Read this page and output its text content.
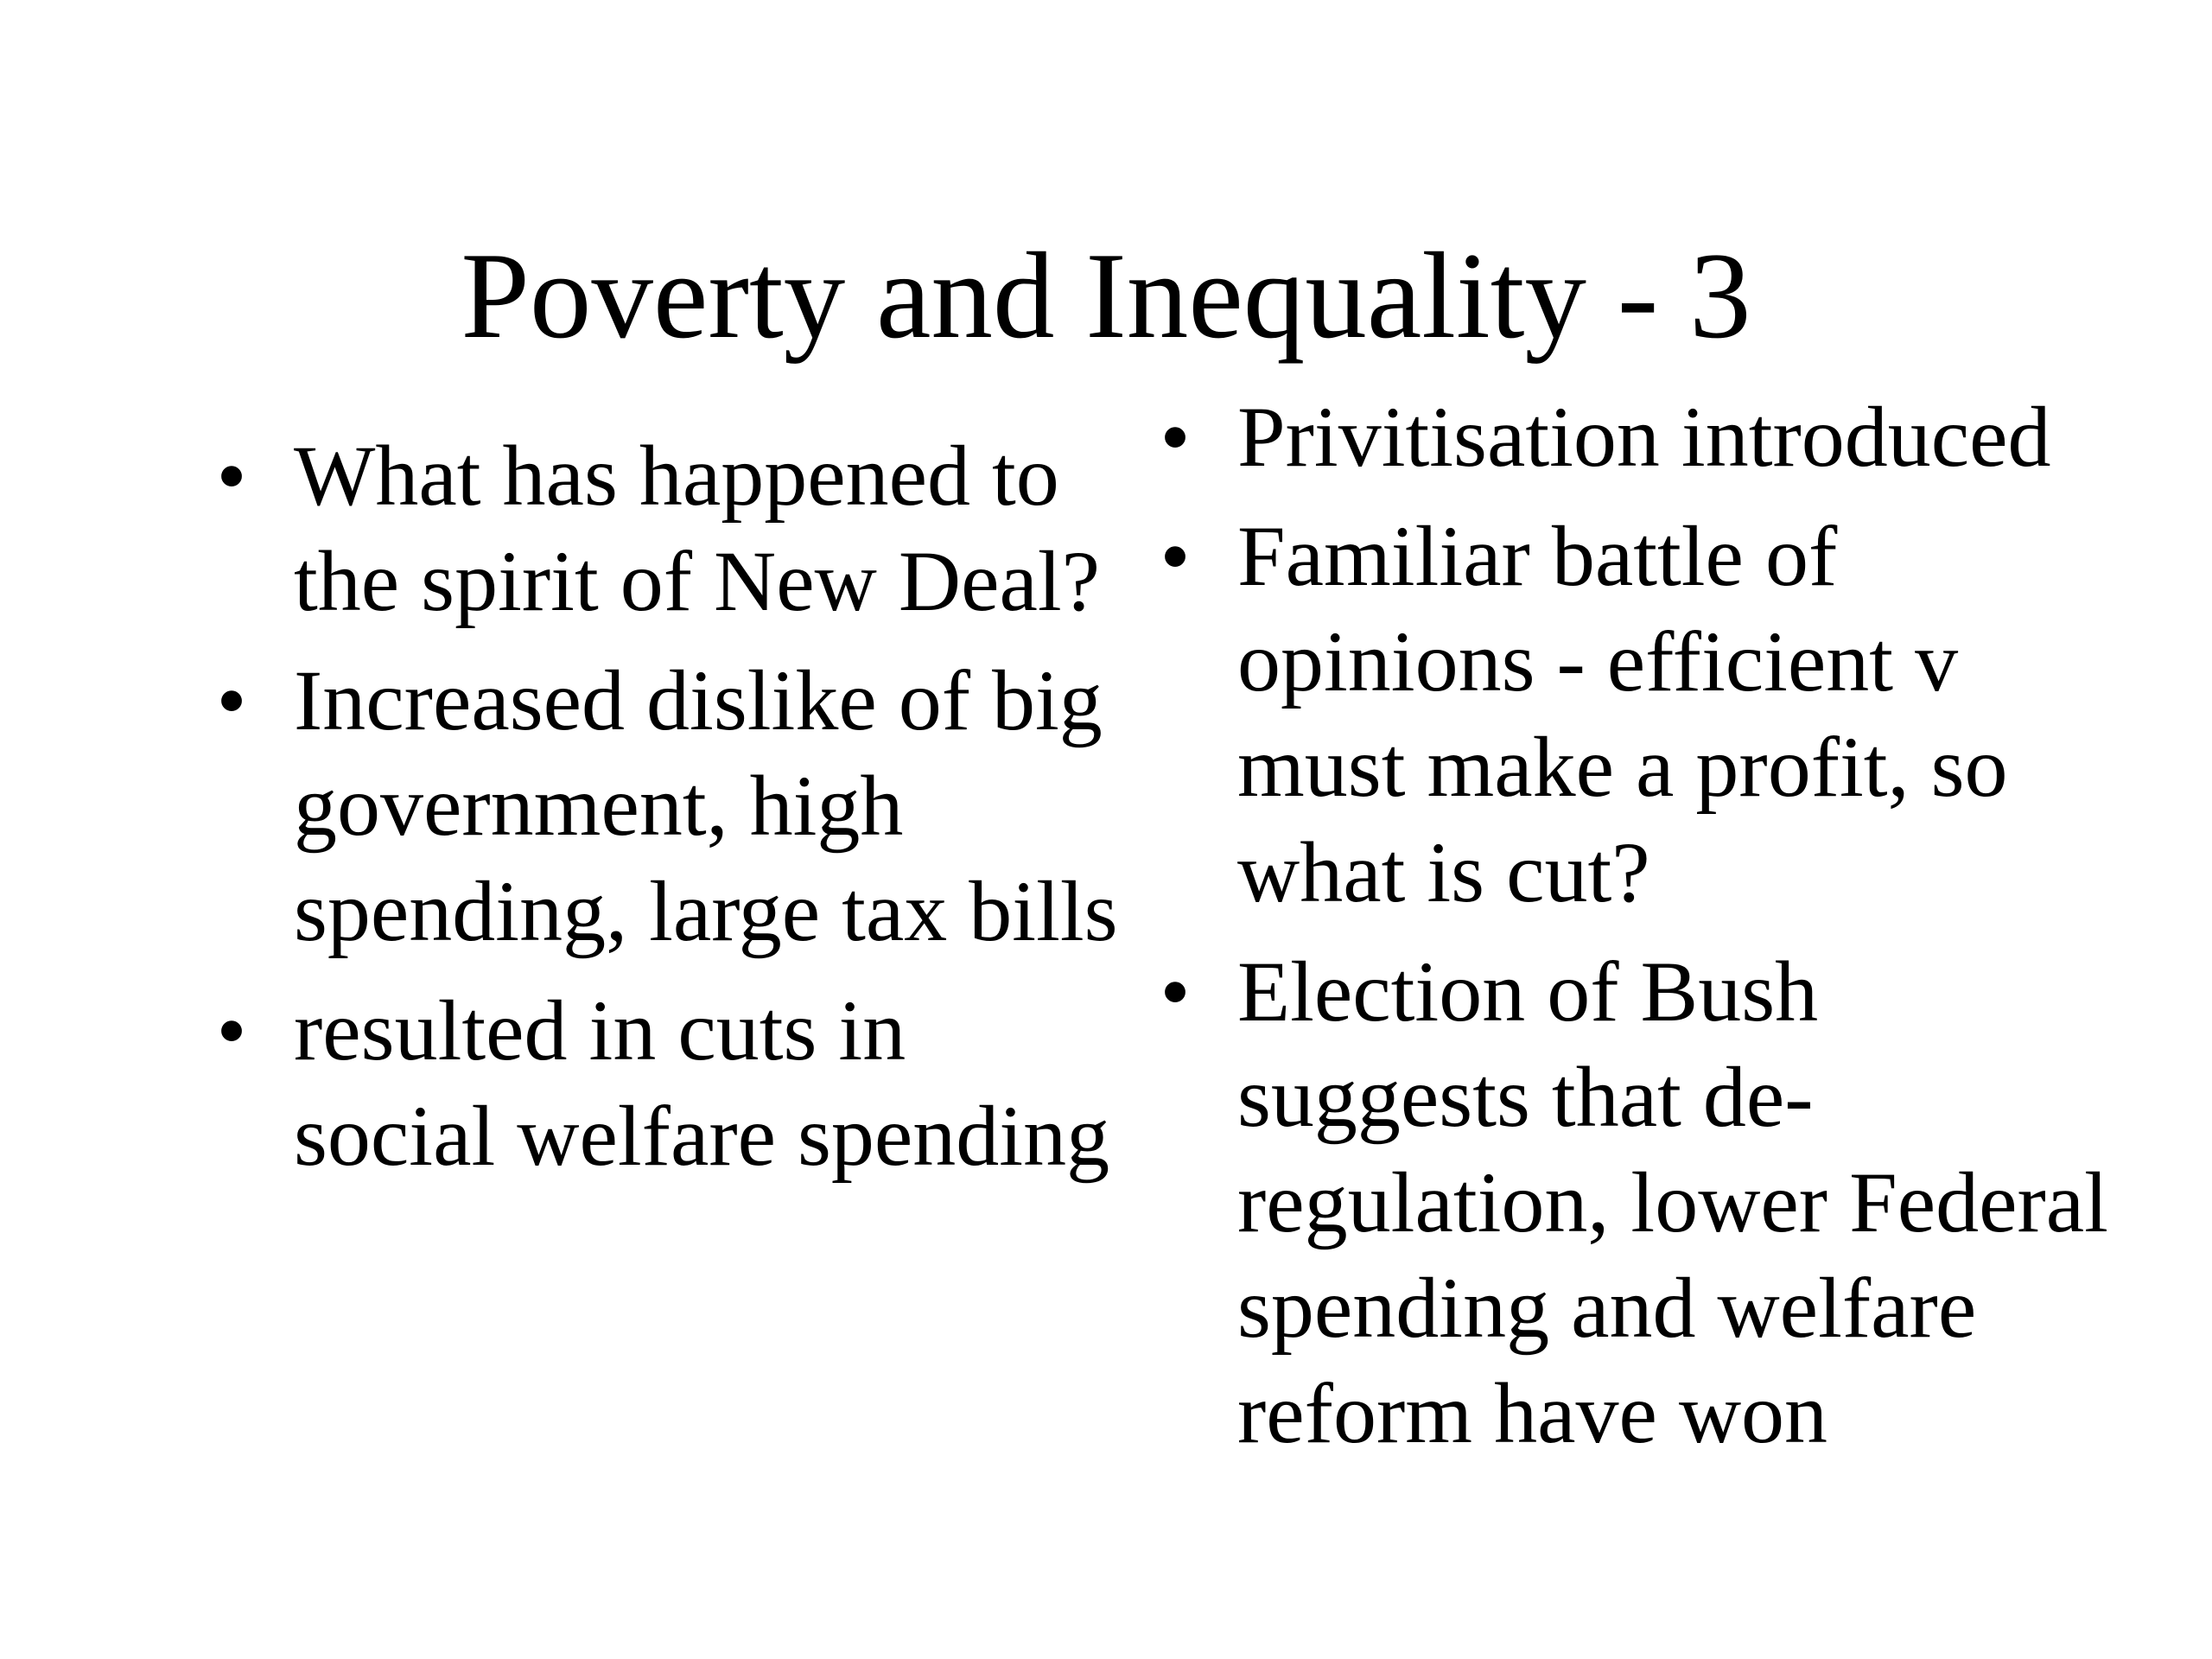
Poverty and Inequality - 3
• What has happened to the spirit of New Deal?
• Increased dislike of big government, high spending, large tax bills
• resulted in cuts in social welfare spending
• Privitisation introduced
• Familiar battle of opinions - efficient v must make a profit, so what is cut?
• Election of Bush suggests that de-regulation, lower Federal spending and welfare reform have won
